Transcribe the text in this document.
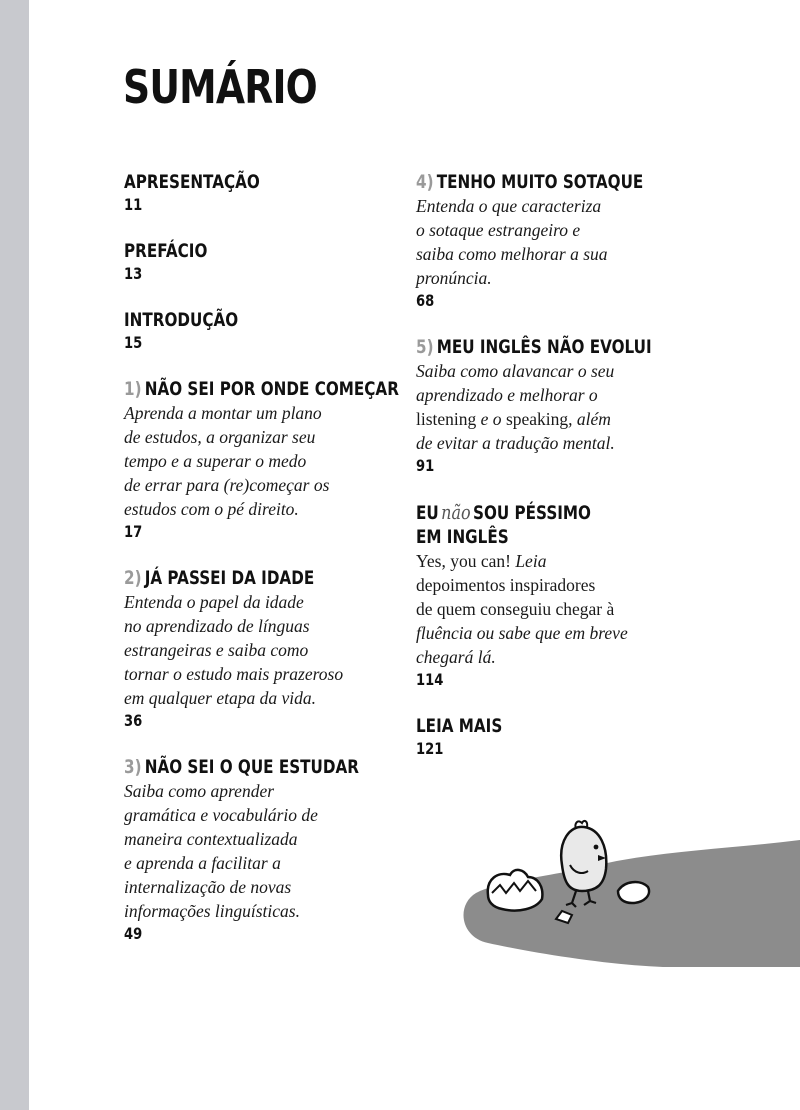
SUMÁRIO
APRESENTAÇÃO
11
PREFÁCIO
13
INTRODUÇÃO
15
1) NÃO SEI POR ONDE COMEÇAR

Aprenda a montar um plano
de estudos, a organizar seu
tempo e a superar o medo
de errar para (re)começar os
estudos com o pé direito.

17
2) JÁ PASSEI DA IDADE

Entenda o papel da idade
no aprendizado de línguas
estrangeiras e saiba como
tornar o estudo mais prazeroso
em qualquer etapa da vida.

36
3) NÃO SEI O QUE ESTUDAR

Saiba como aprender
gramática e vocabulário de
maneira contextualizada
e aprenda a facilitar a
internalização de novas
informações linguísticas.

49
4) TENHO MUITO SOTAQUE

Entenda o que caracteriza
o sotaque estrangeiro e
saiba como melhorar a sua
pronúncia.

68
5) MEU INGLÊS NÃO EVOLUI

Saiba como alavancar o seu
aprendizado e melhorar o
listening e o speaking, além
de evitar a tradução mental.

91
EU não SOU PÉSSIMO
EM INGLÊS

Yes, you can! Leia
depoimentos inspiradores
de quem conseguiu chegar à
fluência ou sabe que em breve
chegará lá.

114
LEIA MAIS
121
